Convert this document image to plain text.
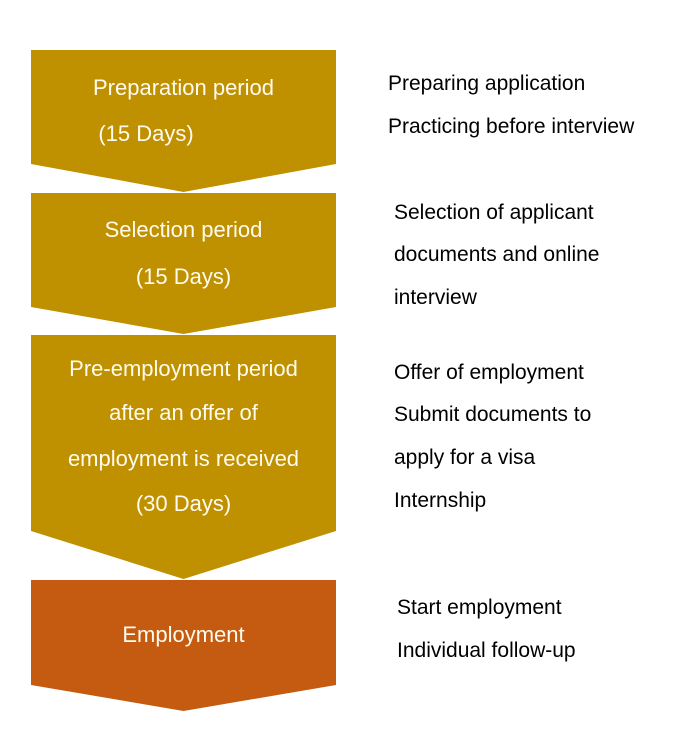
Preparation period
(15 Days)
Selection period
(15 Days)
Pre-employment period
after an offer of
employment is received
(30 Days)
Employment
Preparing application
Practicing before interview
Selection of applicant
documents and online
interview
Offer of employment
Submit documents to
apply for a visa
Internship
Start employment
Individual follow-up
